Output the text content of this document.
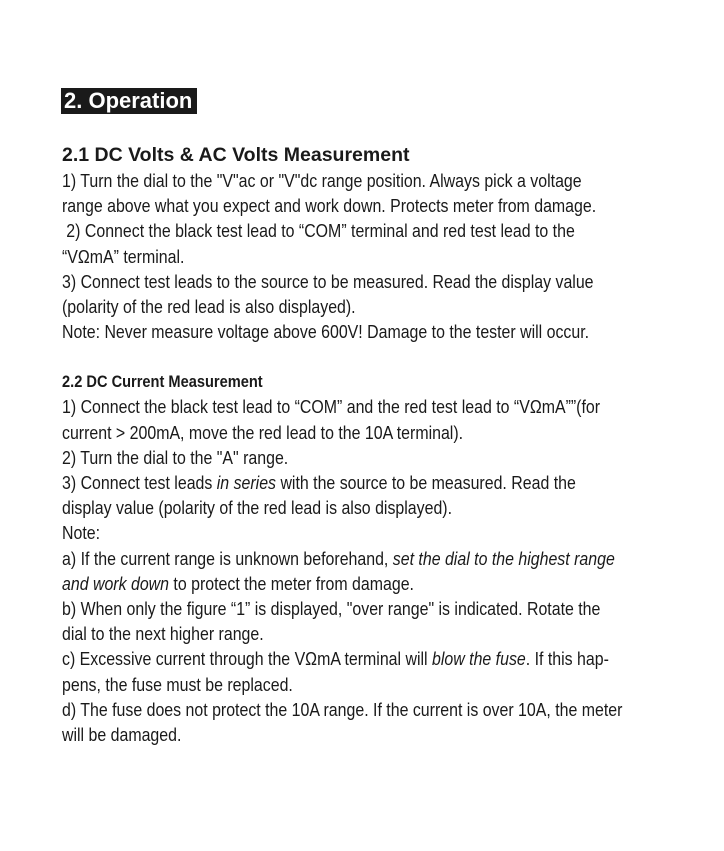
2. Operation
2.1 DC Volts & AC Volts Measurement

1) Turn the dial to the "V"ac or "V"dc range position. Always pick a voltage

range above what you expect and work down. Protects meter from damage.

2) Connect the black test lead to “COM” terminal and red test lead to the

“VΩmA” terminal.

3) Connect test leads to the source to be measured. Read the display value

(polarity of the red lead is also displayed).

Note: Never measure voltage above 600V! Damage to the tester will occur.

2.2 DC Current Measurement

1) Connect the black test lead to “COM” and the red test lead to “VΩmA””(for

current > 200mA, move the red lead to the 10A terminal).

2) Turn the dial to the "A" range.

3) Connect test leads in series with the source to be measured. Read the

display value (polarity of the red lead is also displayed).

Note:

a) If the current range is unknown beforehand, set the dial to the highest range

and work down to protect the meter from damage.

b) When only the figure “1” is displayed, "over range" is indicated. Rotate the

dial to the next higher range.

c) Excessive current through the VΩmA terminal will blow the fuse. If this hap-

pens, the fuse must be replaced.

d) The fuse does not protect the 10A range. If the current is over 10A, the meter

will be damaged.
